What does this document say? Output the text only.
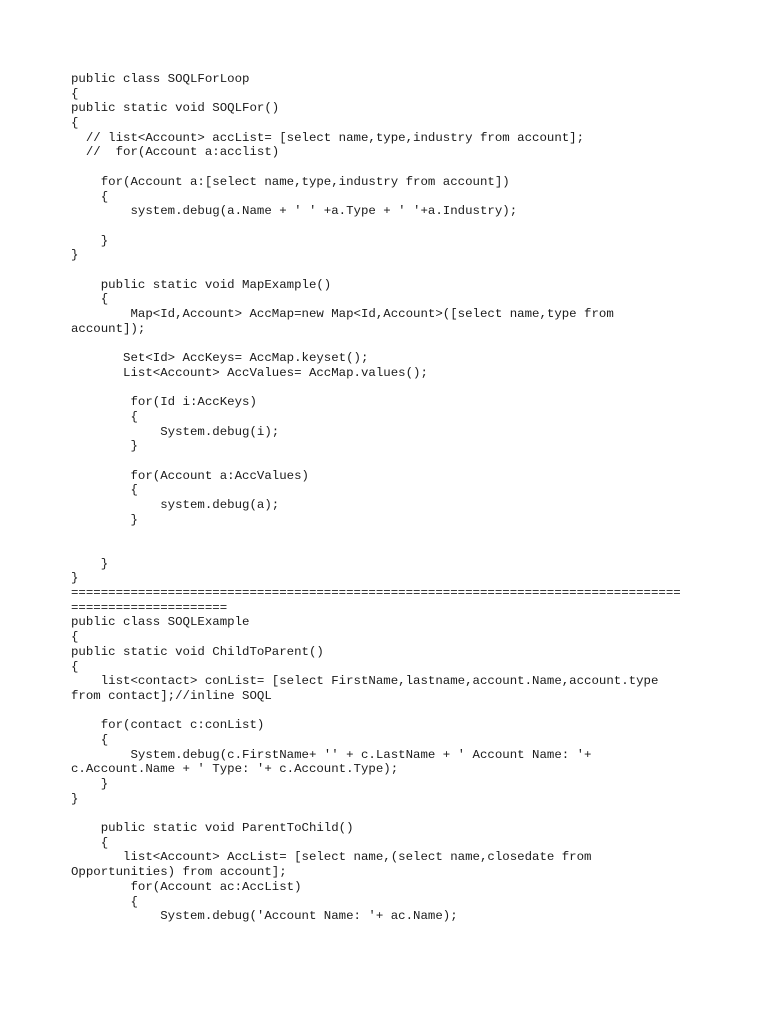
public class SOQLForLoop
{
public static void SOQLFor()
{
// list<Account> accList= [select name,type,industry from account];
//  for(Account a:acclist)
for(Account a:[select name,type,industry from account])
{
system.debug(a.Name + ' ' +a.Type + ' '+a.Industry);
}
}
public static void MapExample()
{
Map<Id,Account> AccMap=new Map<Id,Account>([select name,type from
account]);
Set<Id> AccKeys= AccMap.keyset();
List<Account> AccValues= AccMap.values();
for(Id i:AccKeys)
{
System.debug(i);
}
for(Account a:AccValues)
{
system.debug(a);
}
}
}
==================================================================================
=====================
public class SOQLExample
{
public static void ChildToParent()
{
list<contact> conList= [select FirstName,lastname,account.Name,account.type
from contact];//inline SOQL
for(contact c:conList)
{
System.debug(c.FirstName+ '' + c.LastName + ' Account Name: '+
c.Account.Name + ' Type: '+ c.Account.Type);
}
}
public static void ParentToChild()
{
list<Account> AccList= [select name,(select name,closedate from
Opportunities) from account];
for(Account ac:AccList)
{
System.debug('Account Name: '+ ac.Name);
